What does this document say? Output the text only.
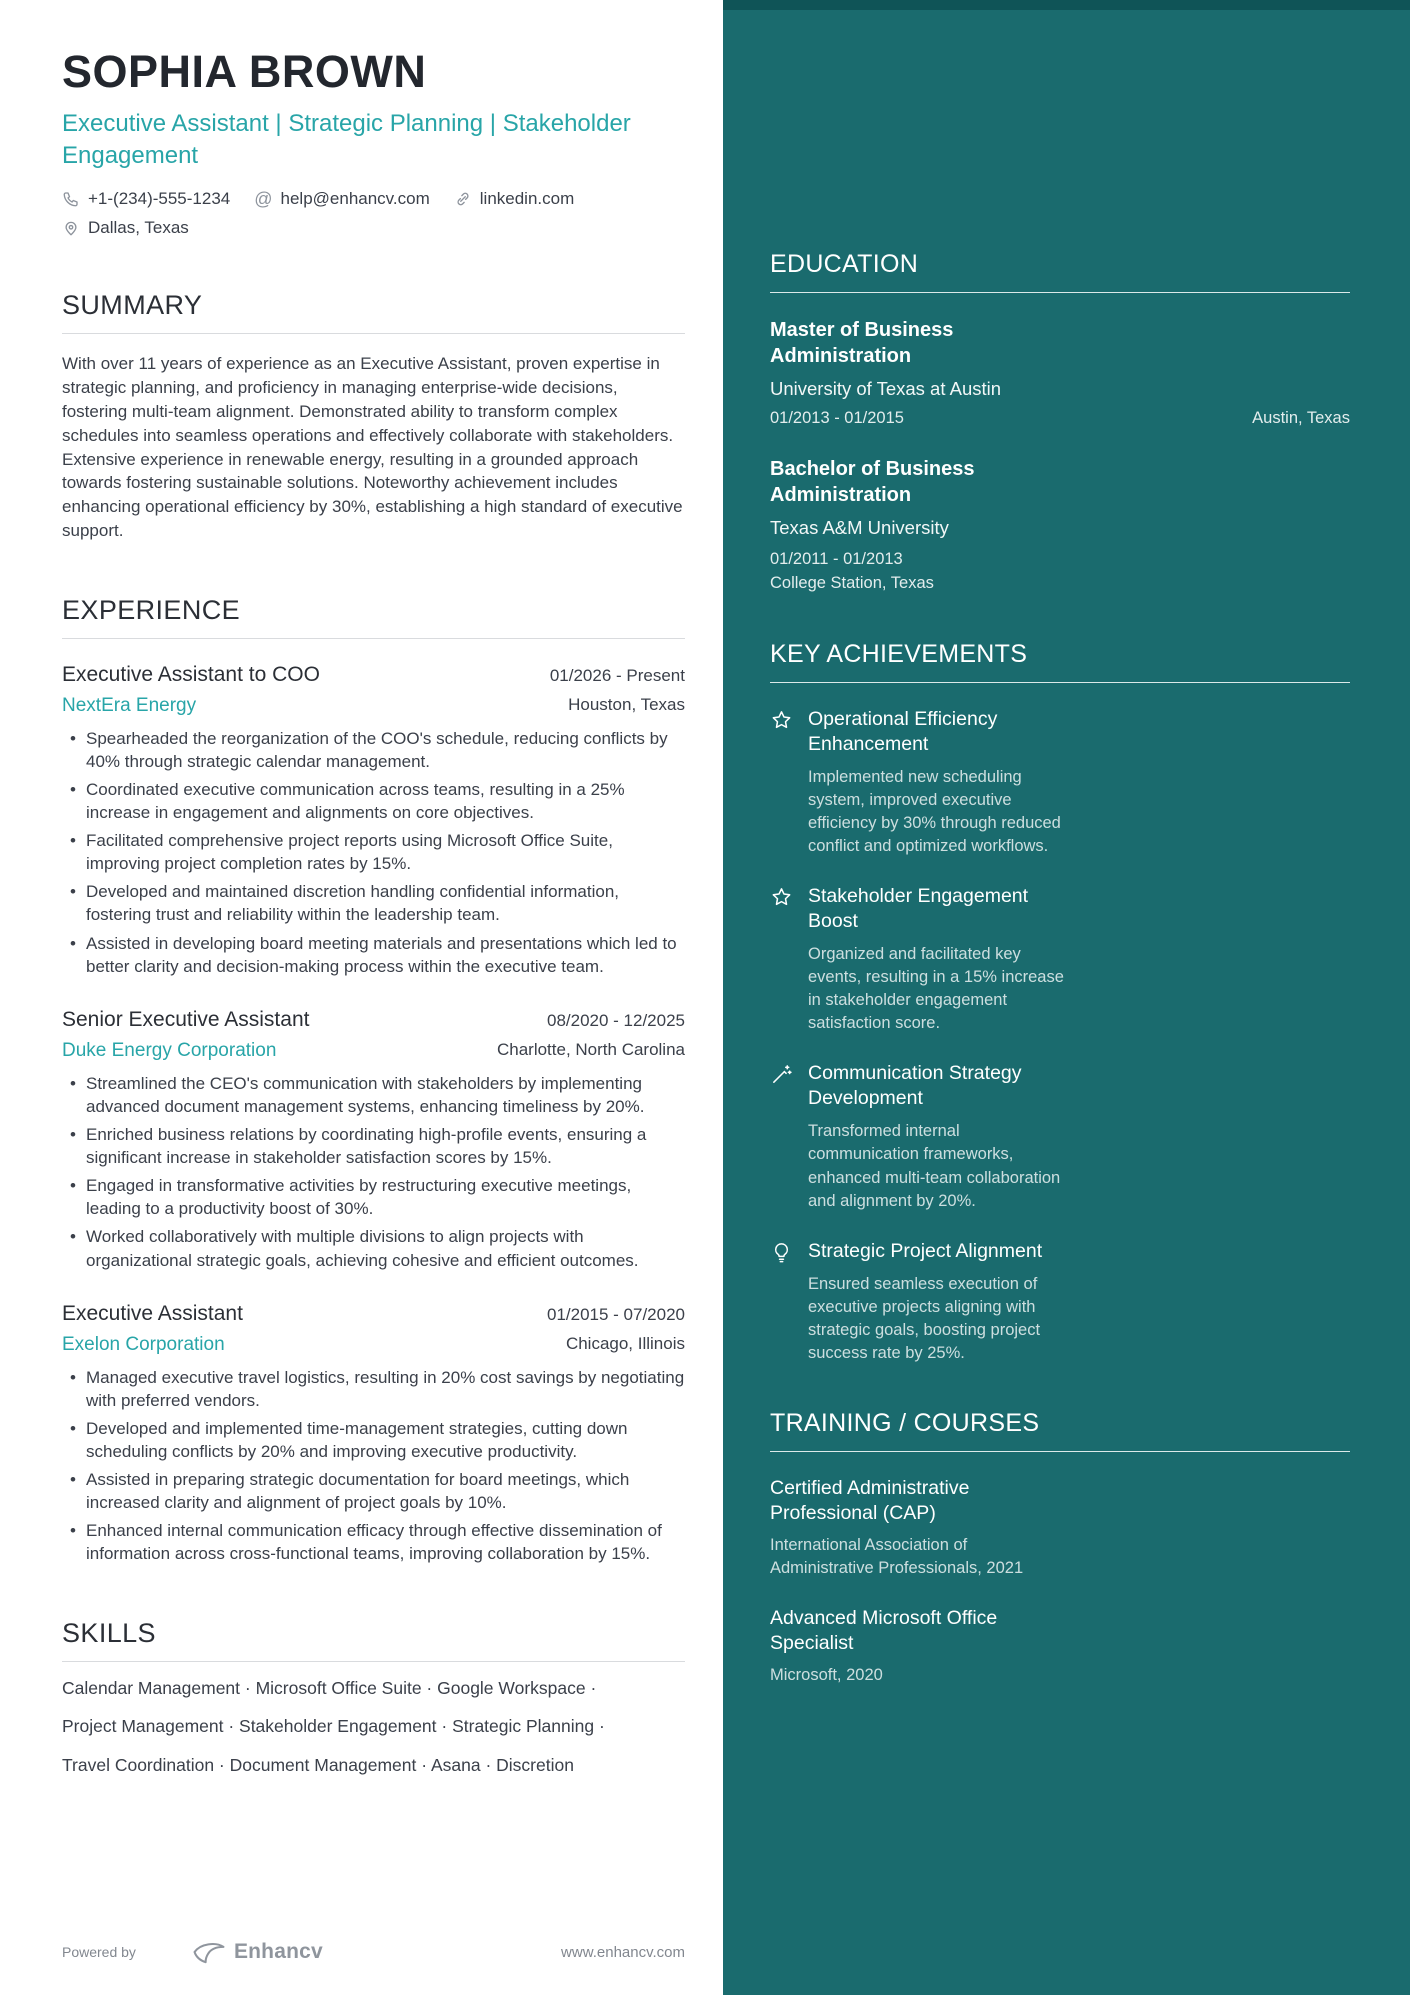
SOPHIA BROWN
Executive Assistant | Strategic Planning | Stakeholder Engagement
+1-(234)-555-1234 @ help@enhancv.com	linkedin.com
Dallas, Texas
SUMMARY

With over 11 years of experience as an Executive Assistant, proven expertise in strategic planning, and proficiency in managing enterprise-wide decisions, fostering multi-team alignment. Demonstrated ability to transform complex schedules into seamless operations and effectively collaborate with stakeholders. Extensive experience in renewable energy, resulting in a grounded approach towards fostering sustainable solutions. Noteworthy achievement includes enhancing operational efficiency by 30%, establishing a high standard of executive support.

EXPERIENCE
Executive Assistant to COO	01/2026 - Present
NextEra Energy	Houston, Texas
• Spearheaded the reorganization of the COO's schedule, reducing conflicts by 40% through strategic calendar management.
• Coordinated executive communication across teams, resulting in a 25% increase in engagement and alignments on core objectives.
• Facilitated comprehensive project reports using Microsoft Office Suite, improving project completion rates by 15%.
• Developed and maintained discretion handling confidential information, fostering trust and reliability within the leadership team.
• Assisted in developing board meeting materials and presentations which led to better clarity and decision-making process within the executive team.
Senior Executive Assistant	08/2020 - 12/2025
Duke Energy Corporation	Charlotte, North Carolina
• Streamlined the CEO's communication with stakeholders by implementing advanced document management systems, enhancing timeliness by 20%.
• Enriched business relations by coordinating high-profile events, ensuring a significant increase in stakeholder satisfaction scores by 15%.
• Engaged in transformative activities by restructuring executive meetings, leading to a productivity boost of 30%.
• Worked collaboratively with multiple divisions to align projects with organizational strategic goals, achieving cohesive and efficient outcomes.
Executive Assistant	01/2015 - 07/2020
Exelon Corporation	Chicago, Illinois
• Managed executive travel logistics, resulting in 20% cost savings by negotiating with preferred vendors.
• Developed and implemented time-management strategies, cutting down scheduling conflicts by 20% and improving executive productivity.
• Assisted in preparing strategic documentation for board meetings, which increased clarity and alignment of project goals by 10%.
• Enhanced internal communication efficacy through effective dissemination of information across cross-functional teams, improving collaboration by 15%.
SKILLS
Calendar Management · Microsoft Office Suite · Google Workspace ·
Project Management · Stakeholder Engagement · Strategic Planning ·
Travel Coordination · Document Management · Asana · Discretion
Powered by	Enhancv	www.enhancv.com
EDUCATION
Master of Business Administration
University of Texas at Austin
01/2013 - 01/2015	Austin, Texas
Bachelor of Business Administration
Texas A&M University
01/2011 - 01/2013
College Station, Texas
KEY ACHIEVEMENTS
Operational Efficiency Enhancement
Implemented new scheduling system, improved executive efficiency by 30% through reduced conflict and optimized workflows.
Stakeholder Engagement Boost
Organized and facilitated key events, resulting in a 15% increase in stakeholder engagement satisfaction score.
Communication Strategy Development
Transformed internal communication frameworks, enhanced multi-team collaboration and alignment by 20%.
Strategic Project Alignment
Ensured seamless execution of executive projects aligning with strategic goals, boosting project success rate by 25%.
TRAINING / COURSES
Certified Administrative Professional (CAP)
International Association of Administrative Professionals, 2021
Advanced Microsoft Office Specialist
Microsoft, 2020
